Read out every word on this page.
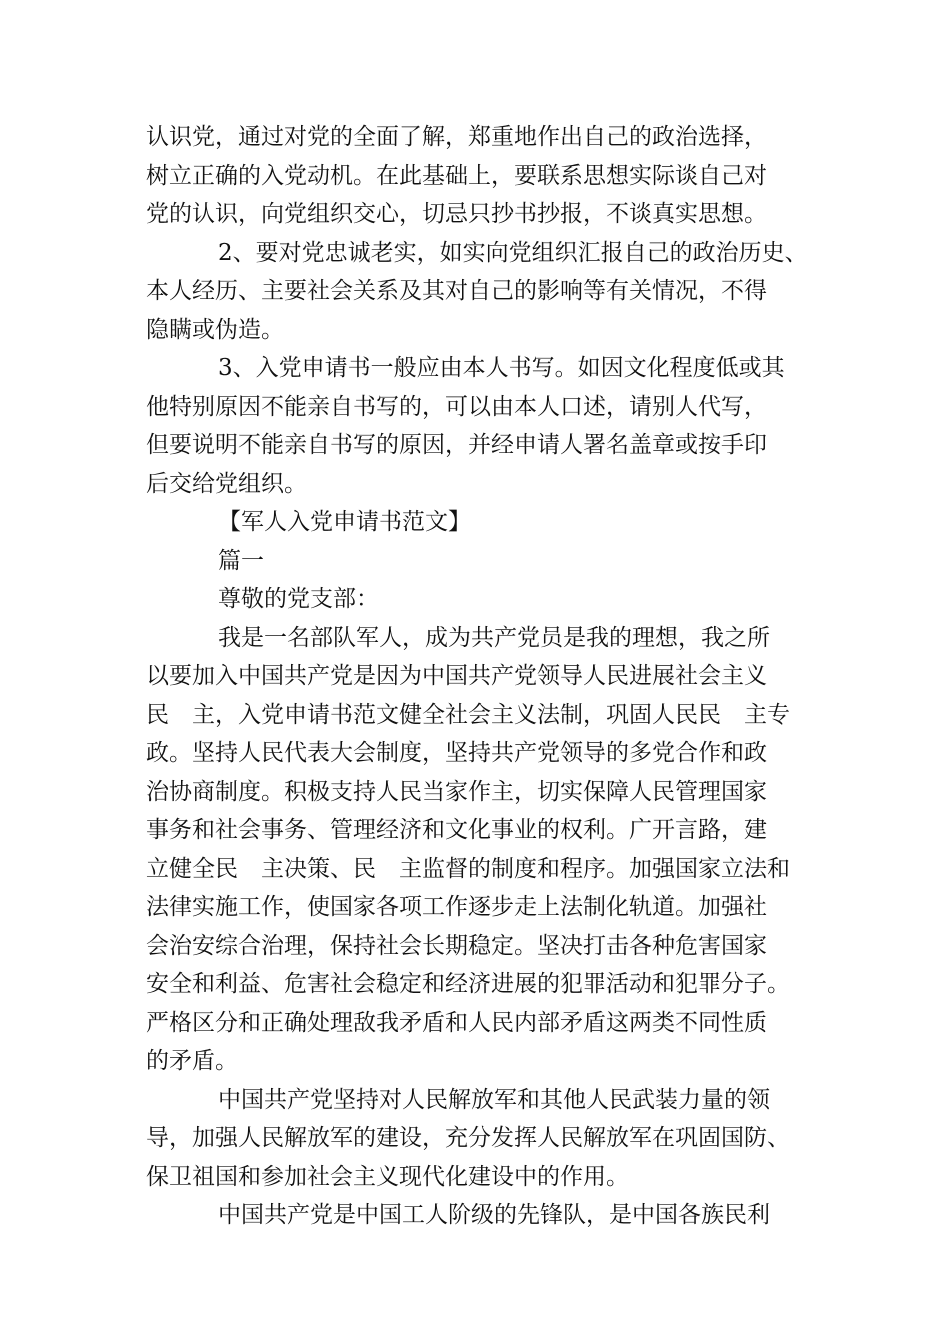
认识党，通过对党的全面了解，郑重地作出自己的政治选择，
树立正确的入党动机。在此基础上，要联系思想实际谈自己对
党的认识，向党组织交心，切忌只抄书抄报，不谈真实思想。
2、要对党忠诚老实，如实向党组织汇报自己的政治历史、
本人经历、主要社会关系及其对自己的影响等有关情况，不得
隐瞒或伪造。
3、入党申请书一般应由本人书写。如因文化程度低或其
他特别原因不能亲自书写的，可以由本人口述，请别人代写，
但要说明不能亲自书写的原因，并经申请人署名盖章或按手印
后交给党组织。
【军人入党申请书范文】
篇一
尊敬的党支部：
我是一名部队军人，成为共产党员是我的理想，我之所
以要加入中国共产党是因为中国共产党领导人民进展社会主义
民　主，入党申请书范文健全社会主义法制，巩固人民民　主专
政。坚持人民代表大会制度，坚持共产党领导的多党合作和政
治协商制度。积极支持人民当家作主，切实保障人民管理国家
事务和社会事务、管理经济和文化事业的权利。广开言路，建
立健全民　主决策、民　主监督的制度和程序。加强国家立法和
法律实施工作，使国家各项工作逐步走上法制化轨道。加强社
会治安综合治理，保持社会长期稳定。坚决打击各种危害国家
安全和利益、危害社会稳定和经济进展的犯罪活动和犯罪分子。
严格区分和正确处理敌我矛盾和人民内部矛盾这两类不同性质
的矛盾。
中国共产党坚持对人民解放军和其他人民武装力量的领
导，加强人民解放军的建设，充分发挥人民解放军在巩固国防、
保卫祖国和参加社会主义现代化建设中的作用。
中国共产党是中国工人阶级的先锋队，是中国各族民利
